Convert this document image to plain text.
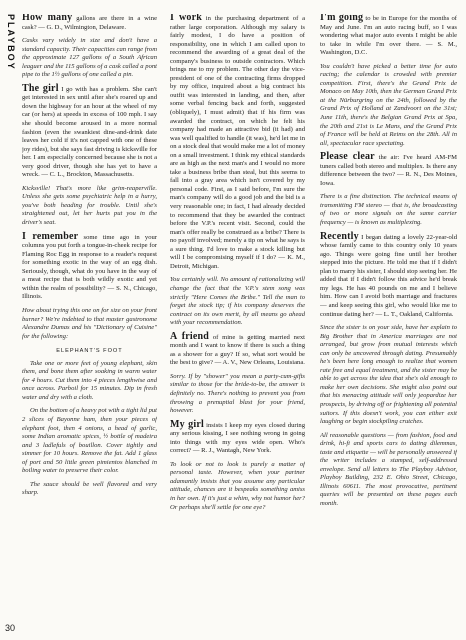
PLAYBOY
30

How many gallons are there in a wine cask? — G. D., Wilmington, Delaware.

Casks vary widely in size and don't have a standard capacity. Their capacities can range from the approximate 127 gallons of a South African leaguer and the 115 gallons of a cask called a pont pipe to the 1½ gallons of one called a pin.

The girl I go with has a problem. She can't get interested in sex until after she's roared up and down the highway for an hour at the wheel of my car (or hers) at speeds in excess of 100 mph. I say she should become aroused in a more normal fashion (even the swankiest dine-and-drink date leaves her cold if it's not capped with one of these joy rides), but she says fast driving is kicksville for her. I am especially concerned because she is not a very good driver, though she has yet to have a wreck. — C. L., Brockton, Massachusetts.

Kicksville! That's more like grim-reaperville. Unless she gets some psychiatric help in a hurry, you've both heading for trouble. Until she's straightened out, let her hurts put you in the driver's seat.

I remember some time ago in your columns you put forth a tongue-in-cheek recipe for Flaming Roc Egg in response to a reader's request for something exotic in the way of an egg dish. Seriously, though, what do you have in the way of a meat recipe that is both wildly exotic and yet within the realm of possibility? — S. N., Chicago, Illinois.

How about trying this one on for size on your front burner? We're indebted to that master gastronome Alexandre Dumas and his "Dictionary of Cuisine" for the following:

ELEPHANT'S FOOT

Take one or more feet of young elephant, skin them, and bone them after soaking in warm water for 4 hours. Cut them into 4 pieces lengthwise and once across. Parboil for 15 minutes. Dip in fresh water and dry with a cloth.

On the bottom of a heavy pot with a tight lid put 2 slices of Bayonne ham, then your pieces of elephant foot, then 4 onions, a head of garlic, some Indian aromatic spices, ½ bottle of madeira and 3 ladlefuls of bouillon. Cover tightly and simmer for 10 hours. Remove the fat. Add 1 glass of port and 50 little green pimientos blanched in boiling water to preserve their color.

The sauce should be well flavored and very sharp.

I work in the purchasing department of a rather large corporation. Although my salary is fairly modest, I do have a position of responsibility, one in which I am called upon to recommend the awarding of a great deal of the company's business to outside contractors. Which brings me to my problem. The other day the vice-president of one of the contracting firms dropped by my office, inquired about a big contract his outfit was interested in landing, and then, after some verbal fencing back and forth, suggested (obliquely), I must admit) that if his firm was awarded the contract, on which he felt his company had made an attractive bid (it had) and was well qualified to handle (it was), he'd let me in on a stock deal that would make me a lot of money on a small investment. I think my ethical standards are as high as the next man's and I would no more take a business bribe than steal, but this seems to fall into a gray area which isn't covered by my personal code. First, as I said before, I'm sure the man's company will do a good job and the bid is a very reasonable one; in fact, I had already decided to recommend that they be awarded the contract before the V.P.'s recent visit. Second, could the man's offer really be construed as a bribe? There is no payoff involved; merely a tip on what he says is a sure thing. I'd love to make a stock killing but will I be compromising myself if I do? — K. M., Detroit, Michigan.

You certainly will. No amount of rationalizing will change the fact that the V.P.'s stem song was strictly "Here Comes the Bribe." Tell the man to forget the stock tip; if his company deserves the contract on its own merit, by all means go ahead with your recommendation.

A friend of mine is getting married next month and I want to know if there is such a thing as a shower for a guy? If so, what sort would be the best to give? — A. V., New Orleans, Louisiana.

Sorry. If by "shower" you mean a party-cum-gifts similar to those for the bride-to-be, the answer is definitely no. There's nothing to prevent you from throwing a prenuptial blast for your friend, however.

My girl insists I keep my eyes closed during any serious kissing, I see nothing wrong in going into things with my eyes wide open. Who's correct? — R. J., Wantagh, New York.

To look or not to look is purely a matter of personal taste. However, when your partner adamantly insists that you assume any particular attitude, chances are it bespeaks something amiss in her own. If it's just a whim, why not humor her? Or perhaps she'll settle for one eye?

I'm going to be in Europe for the months of May and June. I'm an auto racing buff, so I was wondering what major auto events I might be able to take in while I'm over there. — S. M., Washington, D.C.

You couldn't have picked a better time for auto racing; the calendar is crowded with premier competition. First, there's the Grand Prix de Monaco on May 10th, then the German Grand Prix at the Nürburgring on the 24th, followed by the Grand Prix of Holland at Zandvoort on the 31st; June 11th, there's the Belgian Grand Prix at Spa, the 20th and 21st is Le Mans, and the Grand Prix of France will be held at Reims on the 28th. All in all, spectacular race spectating.

Please clear the air: I've heard AM-FM tuners called both stereo and multiplex. Is there any difference between the two? — R. N., Des Moines, Iowa.

There is a fine distinction. The technical means of transmitting FM stereo — that is, the broadcasting of two or more signals on the same carrier frequency — is known as multiplexing.

Recently I began dating a lovely 22-year-old whose family came to this country only 10 years ago. Things were going fine until her brother stepped into the picture. He told me that if I didn't plan to marry his sister, I should stop seeing her. He added that if I didn't follow this advice he'd break my legs. He has 40 pounds on me and I believe him. How can I avoid both marriage and fractures — and keep seeing this girl, who would like me to continue dating her? — L. T., Oakland, California.

Since the sister is on your side, have her explain to Big Brother that in America marriages are not arranged, but grow from mutual interests which can only be uncovered through dating. Presumably he's been here long enough to realize that women rate free and equal treatment, and the sister may be able to get across the idea that she's old enough to make her own decisions. She might also point out that his menacing attitude will only jeopardize her prospects, by driving off or frightening all potential suitors. If this doesn't work, you can either exit laughing or begin stockpiling crutches.

All reasonable questions — from fashion, food and drink, hi-fi and sports cars to dating dilemmas, taste and etiquette — will be personally answered if the writer includes a stamped, self-addressed envelope. Send all letters to The Playboy Advisor, Playboy Building, 232 E. Ohio Street, Chicago, Illinois 60611. The most provocative, pertinent queries will be presented on these pages each month.
